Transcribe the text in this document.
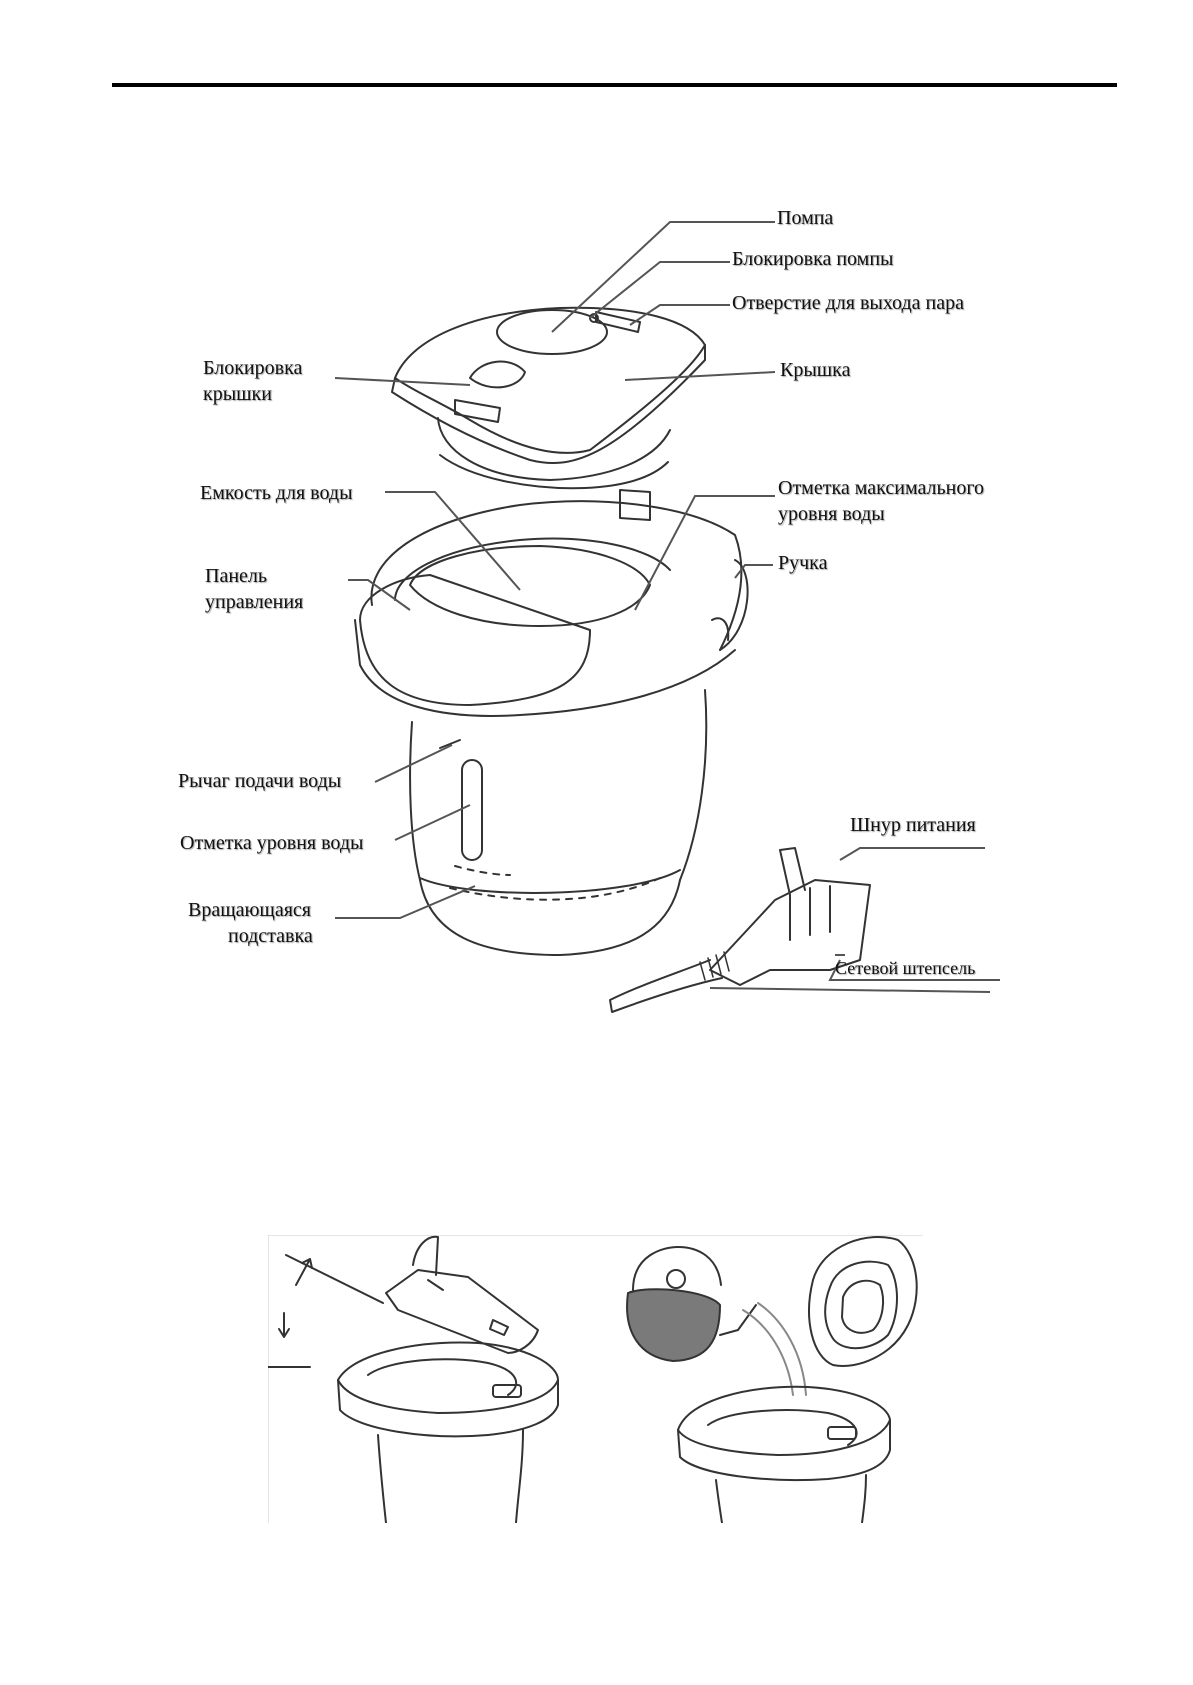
Помпа
Блокировка помпы
Отверстие для выхода пара
Блокировка
крышки
Крышка
Емкость для воды	Отметка максимального
уровня воды
Панель
управления
Ручка
Рычаг подачи воды
Отметка уровня воды
Шнур питания
Вращающаяся
подставка
Сетевой штепсель
